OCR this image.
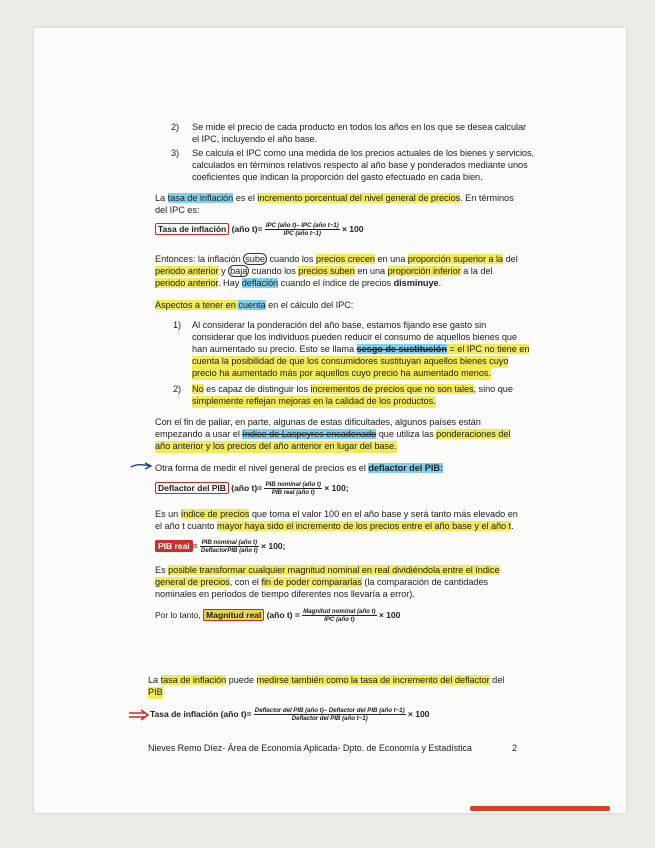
2) Se mide el precio de cada producto en todos los años en los que se desea calcular
el IPC, incluyendo el año base.
3) Se calcula el IPC como una medida de los precios actuales de los bienes y servicios,
calculados en términos relativos respecto al año base y ponderados mediante unos
coeficientes que indican la proporción del gasto efectuado en cada bien.
La tasa de inflación es el incremento porcentual del nivel general de precios. En términos
del IPC es:
Tasa de inflación (año $t)= \frac{\text{IPC (año t)– IPC (año t−1)}}{\text{IPC (año t−1)}} \times 100$
Entonces: la inflación sube cuando los precios crecen en una proporción superior a la del
periodo anterior y baja cuando los precios suben en una proporción inferior a la del
periodo anterior. Hay deflación cuando el índice de precios disminuye.
Aspectos a tener en cuenta en el cálculo del IPC:
1) Al considerar la ponderación del año base, estamos fijando ese gasto sin
considerar que los individuos pueden reducir el consumo de aquellos bienes que
han aumentado su precio. Esto se llama sesgo de sustitución = el IPC no tiene en
cuenta la posibilidad de que los consumidores sustituyan aquellos bienes cuyo
precio ha aumentado más por aquellos cuyo precio ha aumentado menos.
2) No es capaz de distinguir los incrementos de precios que no son tales, sino que
simplemente reflejan mejoras en la calidad de los productos.
Con el fin de paliar, en parte, algunas de estas dificultades, algunos países están
empezando a usar el índice de Laspeyres encadenado que utiliza las ponderaciones del
año anterior y los precios del año anterior en lugar del base.
Otra forma de medir el nivel general de precios es el deflactor del PIB:
Deflactor del PIB (año $t)= \frac{\text{PIB nominal (año t)}}{\text{PIB real (año t)}} \times 100$;
Es un índice de precios que toma el valor 100 en el año base y será tanto más elevado en
el año t cuanto mayor haya sido el incremento de los precios entre el año base y el año t.
PIB real = $\frac{\text{PIB nominal (año t)}}{\text{DeflactorPIB (año t)}} \times 100$;
Es posible transformar cualquier magnitud nominal en real dividiéndola entre el índice
general de precios, con el fin de poder compararlas (la comparación de cantidades
nominales en periodos de tiempo diferentes nos llevaría a error).
Por lo tanto, Magnitud real (año $t) = \frac{\text{Magnitud nominal (año t)}}{\text{IPC (año t)}} \times 100$
La tasa de inflación puede medirse también como la tasa de incremento del deflactor del
PIB
Tasa de inflación (año $t)= \frac{\text{Deflactor del PIB (año t)– Deflactor del PIB (año t−1)}}{\text{Deflactor del PIB (año t−1)}} \times 100$
Nieves Remo Díez- Área de Economía Aplicada- Dpto. de Economía y Estadística	2
